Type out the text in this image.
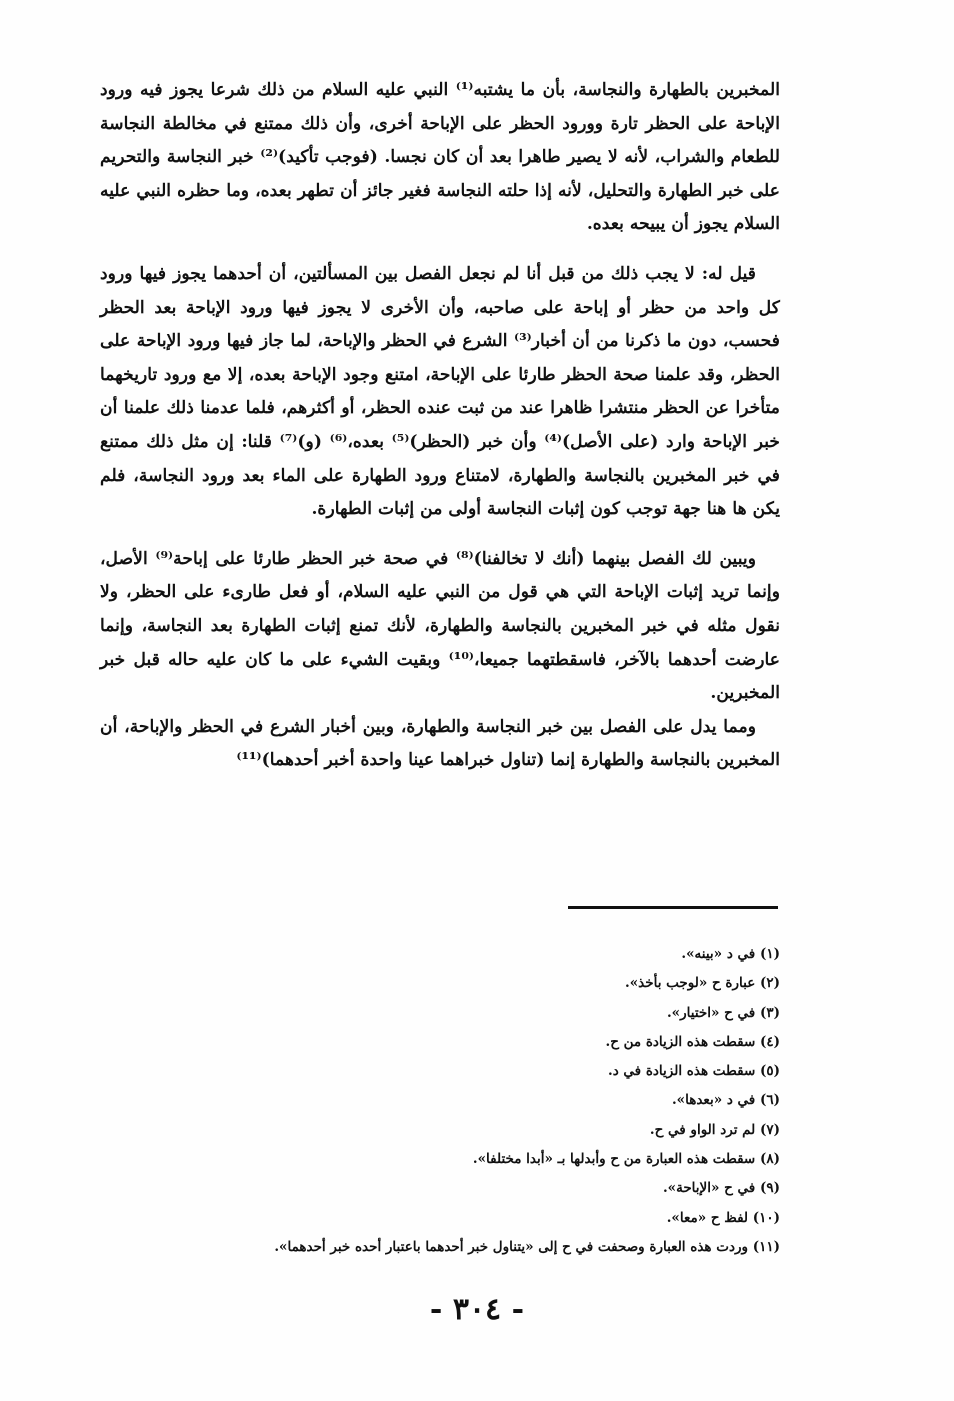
المخبرين بالطهارة والنجاسة، بأن ما يشتبه⁽¹⁾ النبي عليه السلام من ذلك شرعا يجوز فيه ورود الإباحة على الحظر تارة وورود الحظر على الإباحة أخرى، وأن ذلك ممتنع في مخالطة النجاسة للطعام والشراب، لأنه لا يصير طاهرا بعد أن كان نجسا. (فوجب تأكيد)⁽²⁾ خبر النجاسة والتحريم على خبر الطهارة والتحليل، لأنه إذا حلته النجاسة فغير جائز أن تطهر بعده، وما حظره النبي عليه السلام يجوز أن يبيحه بعده.

قيل له: لا يجب ذلك من قبل أنا لم نجعل الفصل بين المسألتين، أن أحدهما يجوز فيها ورود كل واحد من حظر أو إباحة على صاحبه، وأن الأخرى لا يجوز فيها ورود الإباحة بعد الحظر فحسب، دون ما ذكرنا من أن أخبار⁽³⁾ الشرع في الحظر والإباحة، لما جاز فيها ورود الإباحة على الحظر، وقد علمنا صحة الحظر طارئا على الإباحة، امتنع وجود الإباحة بعده، إلا مع ورود تاريخهما متأخرا عن الحظر منتشرا ظاهرا عند من ثبت عنده الحظر، أو أكثرهم، فلما عدمنا ذلك علمنا أن خبر الإباحة وارد (على الأصل)⁽⁴⁾ وأن خبر (الحظر)⁽⁵⁾ بعده،⁽⁶⁾ (و)⁽⁷⁾ قلنا: إن مثل ذلك ممتنع في خبر المخبرين بالنجاسة والطهارة، لامتناع ورود الطهارة على الماء بعد ورود النجاسة، فلم يكن ها هنا جهة توجب كون إثبات النجاسة أولى من إثبات الطهارة.

ويبين لك الفصل بينهما (أنك لا تخالفنا)⁽⁸⁾ في صحة خبر الحظر طارئا على إباحة⁽⁹⁾ الأصل، وإنما تريد إثبات الإباحة التي هي قول من النبي عليه السلام، أو فعل طارىء على الحظر، ولا نقول مثله في خبر المخبرين بالنجاسة والطهارة، لأنك تمنع إثبات الطهارة بعد النجاسة، وإنما عارضت أحدهما بالآخر، فاسقطتهما جميعا،⁽¹⁰⁾ وبقيت الشيء على ما كان عليه حاله قبل خبر المخبرين.

ومما يدل على الفصل بين خبر النجاسة والطهارة، وبين أخبار الشرع في الحظر والإباحة، أن المخبرين بالنجاسة والطهارة إنما (تناول خبراهما عينا واحدة أخبر أحدهما)⁽¹¹⁾

(١) في د «بينه».
(٢) عبارة ح «لوجب بأخذ».
(٣) في ح «اختيار».
(٤) سقطت هذه الزيادة من ح.
(٥) سقطت هذه الزيادة في د.
(٦) في د «بعدها».
(٧) لم ترد الواو في ح.
(٨) سقطت هذه العبارة من ح وأبدلها بـ «أبدا مختلفا».
(٩) في ح «الإباحة».
(١٠) لفظ ح «معا».
(١١) وردت هذه العبارة وصحفت في ح إلى «يتناول خبر أحدهما باعتبار أحده خبر أحدهما».
- ٣٠٤ -
